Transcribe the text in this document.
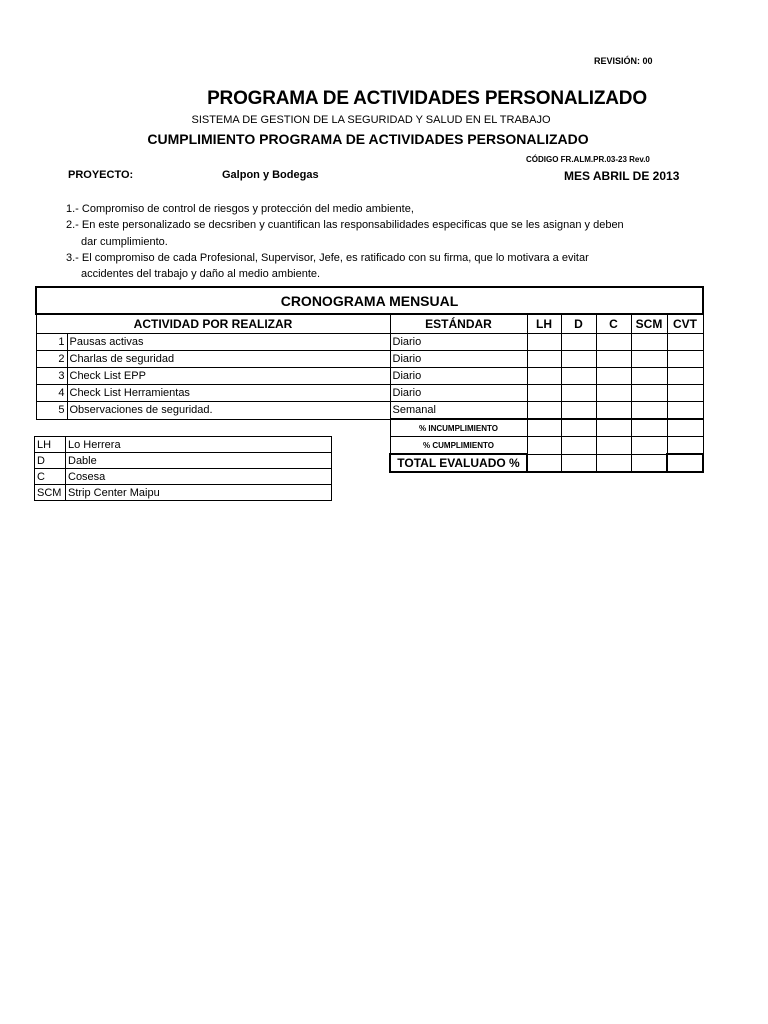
REVISIÓN: 00
PROGRAMA DE ACTIVIDADES PERSONALIZADO
SISTEMA DE GESTION DE LA SEGURIDAD Y SALUD EN EL TRABAJO
CUMPLIMIENTO PROGRAMA DE ACTIVIDADES PERSONALIZADO
CÓDIGO FR.ALM.PR.03-23 Rev.0
PROYECTO:	Galpon y Bodegas	MES ABRIL DE 2013
1.- Compromiso de control de riesgos y protección del medio ambiente,
2.- En este personalizado se decsriben y cuantifican las responsabilidades especificas que se les asignan y deben
dar cumplimiento.
3.- El compromiso de cada Profesional, Supervisor, Jefe, es ratificado con su firma, que lo motivara a evitar
accidentes del trabajo y daño al medio ambiente.
CRONOGRAMA MENSUAL							
ACTIVIDAD POR REALIZAR		ESTÁNDAR	LH	D	C	SCM	CVT
1	Pausas activas	Diario					
2	Charlas de seguridad	Diario					
3	Check List EPP	Diario					
4	Check List Herramientas	Diario					
5	Observaciones de seguridad.	Semanal					
		% INCUMPLIMIENTO					
		% CUMPLIMIENTO					
		TOTAL EVALUADO %					
LH	Lo Herrera
D	Dable
C	Cosesa
SCM	Strip Center Maipu
